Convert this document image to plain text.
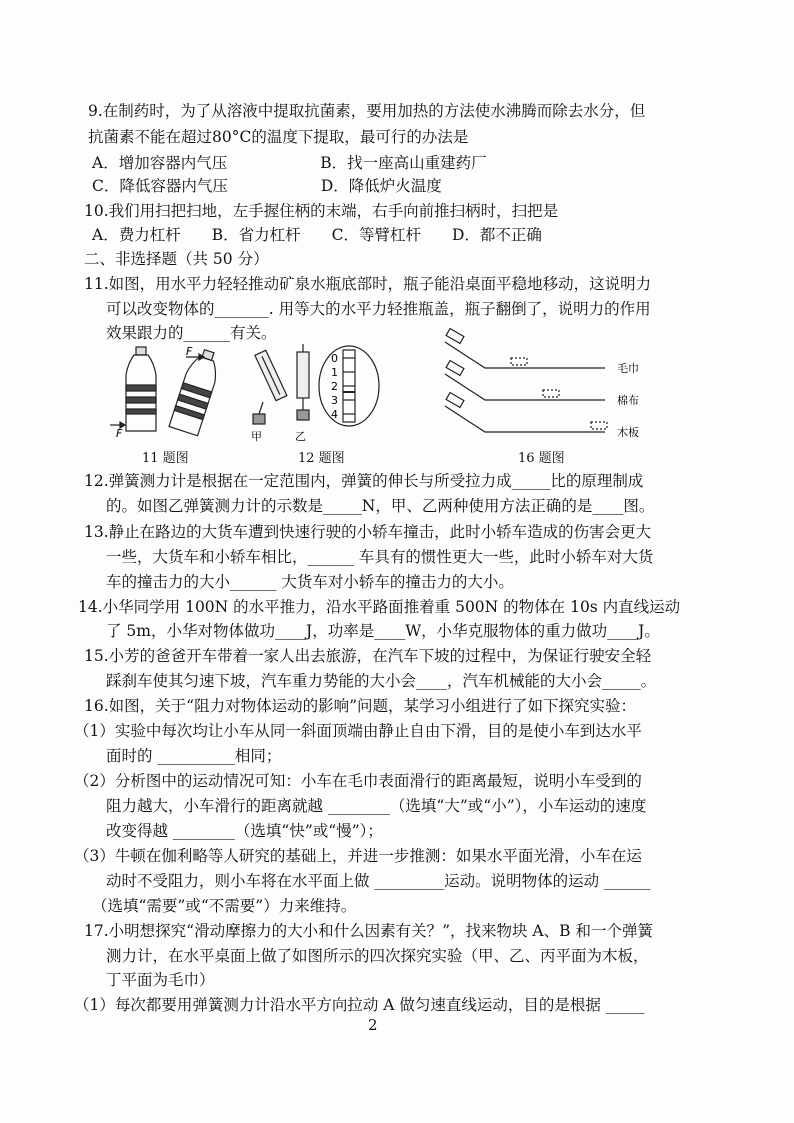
9.在制药时，为了从溶液中提取抗菌素，要用加热的方法使水沸腾而除去水分，但
抗菌素不能在超过80°C的温度下提取，最可行的办法是
A．增加容器内气压　　　　　　B．找一座高山重建药厂
C．降低容器内气压　　　　　　D．降低炉火温度
10.我们用扫把扫地，左手握住柄的末端，右手向前推扫柄时，扫把是
A．费力杠杆　　B．省力杠杆　　C．等臂杠杆　　D．都不正确
二、非选择题（共 50 分）
11.如图，用水平力轻轻推动矿泉水瓶底部时，瓶子能沿桌面平稳地移动，这说明力
可以改变物体的_______. 用等大的水平力轻推瓶盖，瓶子翻倒了，说明力的作用
效果跟力的______有关。
F
F
11 题图
0
1
2
3
4
甲	乙
12 题图
毛巾
棉布
木板
16 题图
12.弹簧测力计是根据在一定范围内，弹簧的伸长与所受拉力成_____比的原理制成
的。如图乙弹簧测力计的示数是_____N，甲、乙两种使用方法正确的是____图。
13.静止在路边的大货车遭到快速行驶的小轿车撞击，此时小轿车造成的伤害会更大
一些，大货车和小轿车相比，______ 车具有的惯性更大一些，此时小轿车对大货
车的撞击力的大小______ 大货车对小轿车的撞击力的大小。
14.小华同学用 100N 的水平推力，沿水平路面推着重 500N 的物体在 10s 内直线运动
了 5m，小华对物体做功____J，功率是____W，小华克服物体的重力做功____J。
15.小芳的爸爸开车带着一家人出去旅游，在汽车下坡的过程中，为保证行驶安全轻
踩刹车使其匀速下坡，汽车重力势能的大小会____，汽车机械能的大小会_____。
16.如图，关于“阻力对物体运动的影响”问题，某学习小组进行了如下探究实验：
（1）实验中每次均让小车从同一斜面顶端由静止自由下滑，目的是使小车到达水平
面时的 __________相同；
（2）分析图中的运动情况可知：小车在毛巾表面滑行的距离最短，说明小车受到的
阻力越大，小车滑行的距离就越 ________（选填“大”或“小”），小车运动的速度
改变得越 ________（选填“快”或“慢”）；
（3）牛顿在伽利略等人研究的基础上，并进一步推测：如果水平面光滑，小车在运
动时不受阻力，则小车将在水平面上做 _________运动。说明物体的运动 ______
（选填“需要”或“不需要”）力来维持。
17.小明想探究“滑动摩擦力的大小和什么因素有关？”，找来物块 A、B 和一个弹簧
测力计，在水平桌面上做了如图所示的四次探究实验（甲、乙、丙平面为木板，
丁平面为毛巾）
（1）每次都要用弹簧测力计沿水平方向拉动 A 做匀速直线运动，目的是根据 _____
2
